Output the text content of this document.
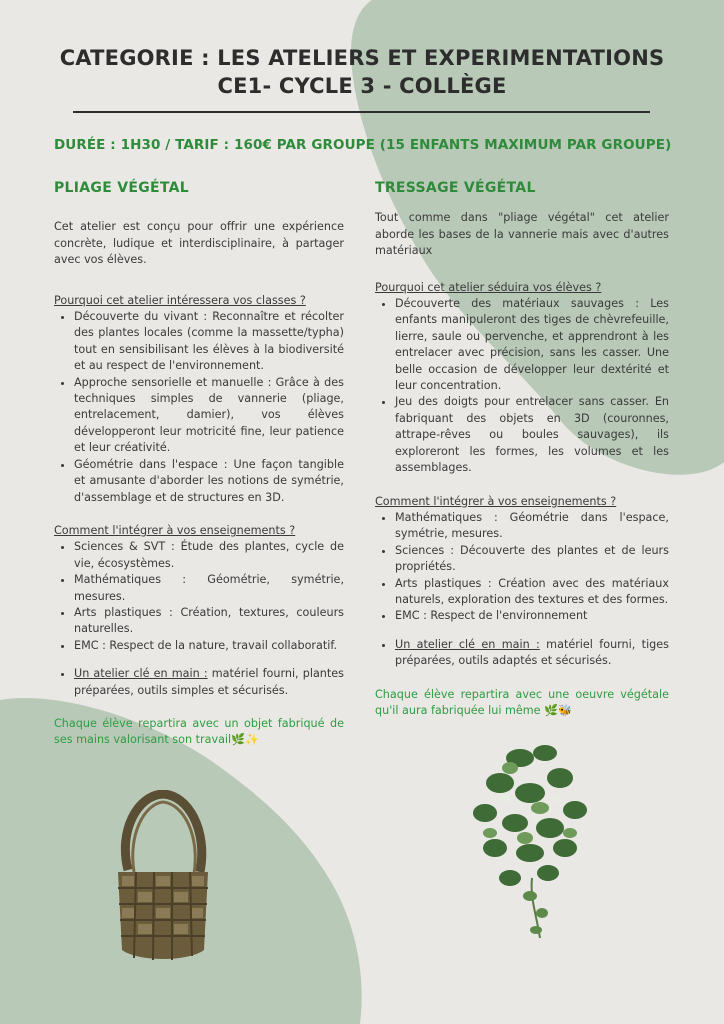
CATEGORIE : LES ATELIERS ET EXPERIMENTATIONS
CE1- CYCLE 3 - COLLÈGE
DURÉE : 1H30 / TARIF : 160€ PAR GROUPE (15 ENFANTS MAXIMUM PAR GROUPE)
PLIAGE VÉGÉTAL

Cet atelier est conçu pour offrir une expérience concrète, ludique et interdisciplinaire, à partager avec vos élèves.

Pourquoi cet atelier intéressera vos classes ?

• Découverte du vivant : Reconnaître et récolter des plantes locales (comme la massette/typha) tout en sensibilisant les élèves à la biodiversité et au respect de l'environnement.
• Approche sensorielle et manuelle : Grâce à des techniques simples de vannerie (pliage, entrelacement, damier), vos élèves développeront leur motricité fine, leur patience et leur créativité.
• Géométrie dans l'espace : Une façon tangible et amusante d'aborder les notions de symétrie, d'assemblage et de structures en 3D.

Comment l'intégrer à vos enseignements ?

• Sciences & SVT : Étude des plantes, cycle de vie, écosystèmes.
• Mathématiques : Géométrie, symétrie, mesures.
• Arts plastiques : Création, textures, couleurs naturelles.
• EMC : Respect de la nature, travail collaboratif.
• Un atelier clé en main : matériel fourni, plantes préparées, outils simples et sécurisés.

Chaque élève repartira avec un objet fabriqué de ses mains valorisant son travail🌿✨

TRESSAGE VÉGÉTAL

Tout comme dans "pliage végétal" cet atelier aborde les bases de la vannerie mais avec d'autres matériaux

Pourquoi cet atelier séduira vos élèves ?

• Découverte des matériaux sauvages : Les enfants manipuleront des tiges de chèvrefeuille, lierre, saule ou pervenche, et apprendront à les entrelacer avec précision, sans les casser. Une belle occasion de développer leur dextérité et leur concentration.
• Jeu des doigts pour entrelacer sans casser. En fabriquant des objets en 3D (couronnes, attrape-rêves ou boules sauvages), ils exploreront les formes, les volumes et les assemblages.

Comment l'intégrer à vos enseignements ?

• Mathématiques : Géométrie dans l'espace, symétrie, mesures.
• Sciences : Découverte des plantes et de leurs propriétés.
• Arts plastiques : Création avec des matériaux naturels, exploration des textures et des formes.
• EMC : Respect de l'environnement
• Un atelier clé en main : matériel fourni, tiges préparées, outils adaptés et sécurisés.

Chaque élève repartira avec une oeuvre végétale qu'il aura fabriquée lui même 🌿🐝
